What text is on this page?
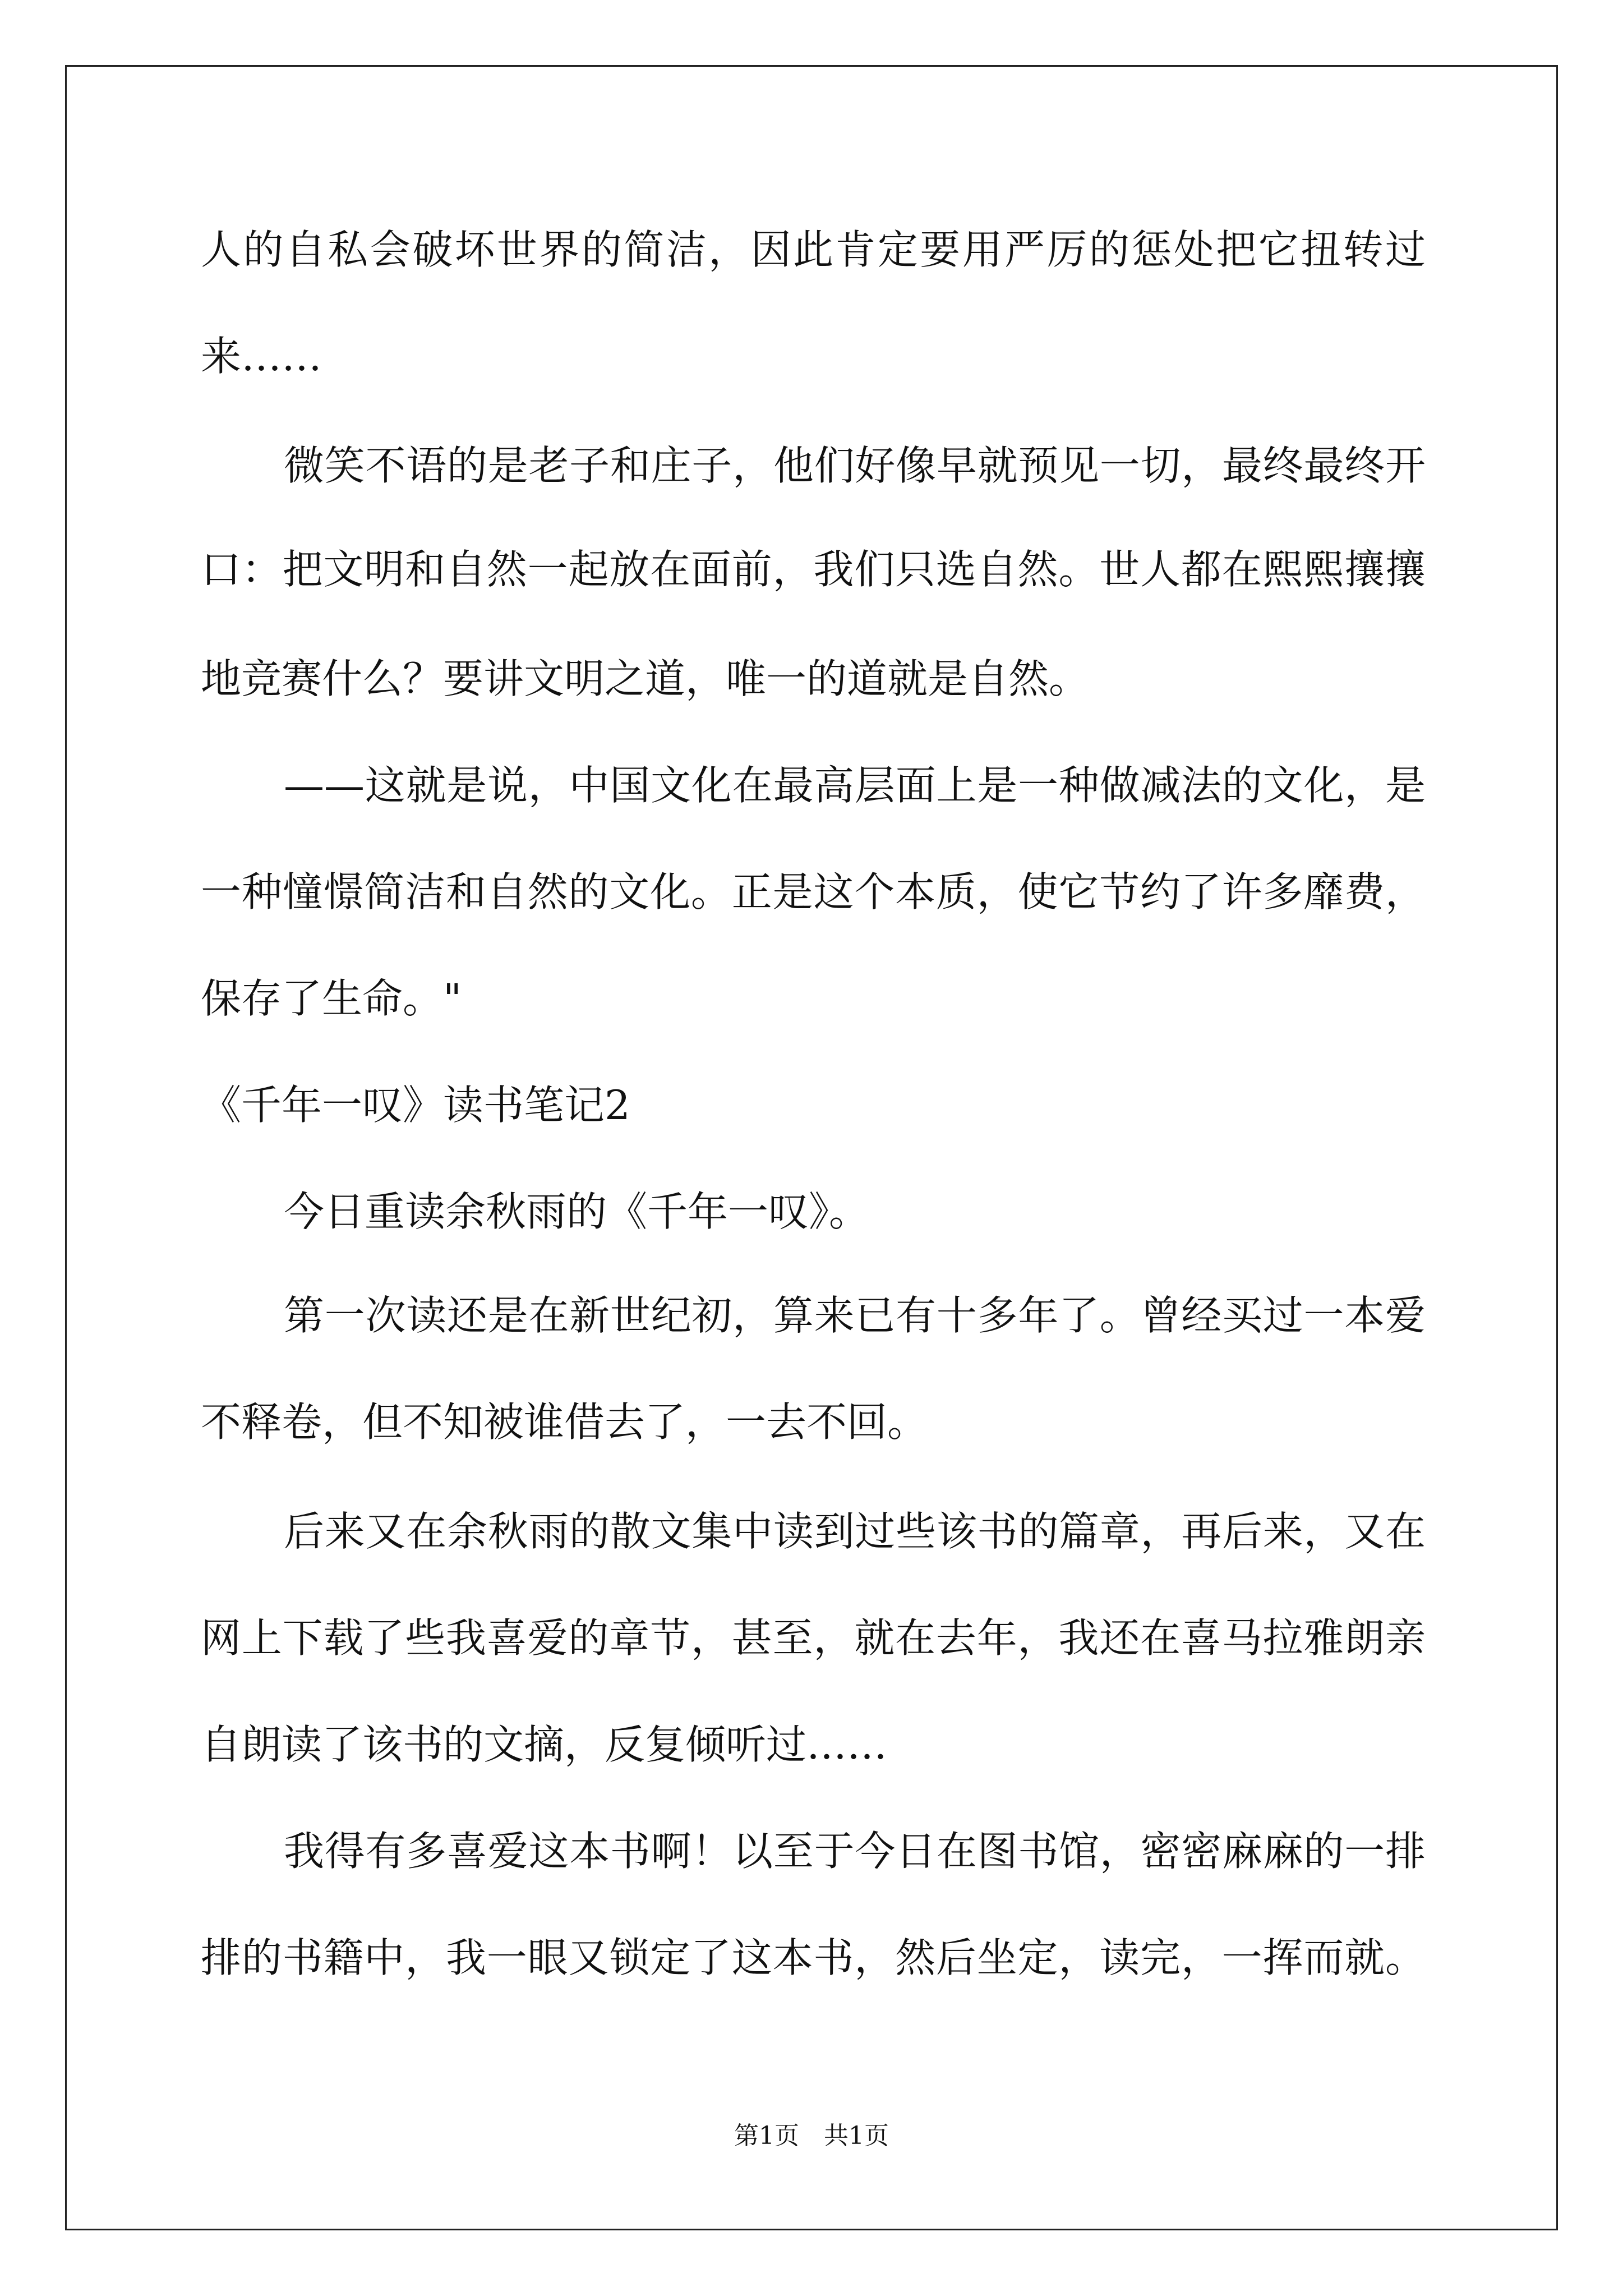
人的自私会破坏世界的简洁，因此肯定要用严厉的惩处把它扭转过
来……
微笑不语的是老子和庄子，他们好像早就预见一切，最终最终开
口：把文明和自然一起放在面前，我们只选自然。世人都在熙熙攘攘
地竞赛什么？要讲文明之道，唯一的道就是自然。
——这就是说，中国文化在最高层面上是一种做减法的文化，是
一种憧憬简洁和自然的文化。正是这个本质，使它节约了许多靡费，
保存了生命。"
《千年一叹》读书笔记2
今日重读余秋雨的《千年一叹》。
第一次读还是在新世纪初，算来已有十多年了。曾经买过一本爱
不释卷，但不知被谁借去了，一去不回。
后来又在余秋雨的散文集中读到过些该书的篇章，再后来，又在
网上下载了些我喜爱的章节，甚至，就在去年，我还在喜马拉雅朗亲
自朗读了该书的文摘，反复倾听过……
我得有多喜爱这本书啊！以至于今日在图书馆，密密麻麻的一排
排的书籍中，我一眼又锁定了这本书，然后坐定，读完，一挥而就。
第1页　共1页
